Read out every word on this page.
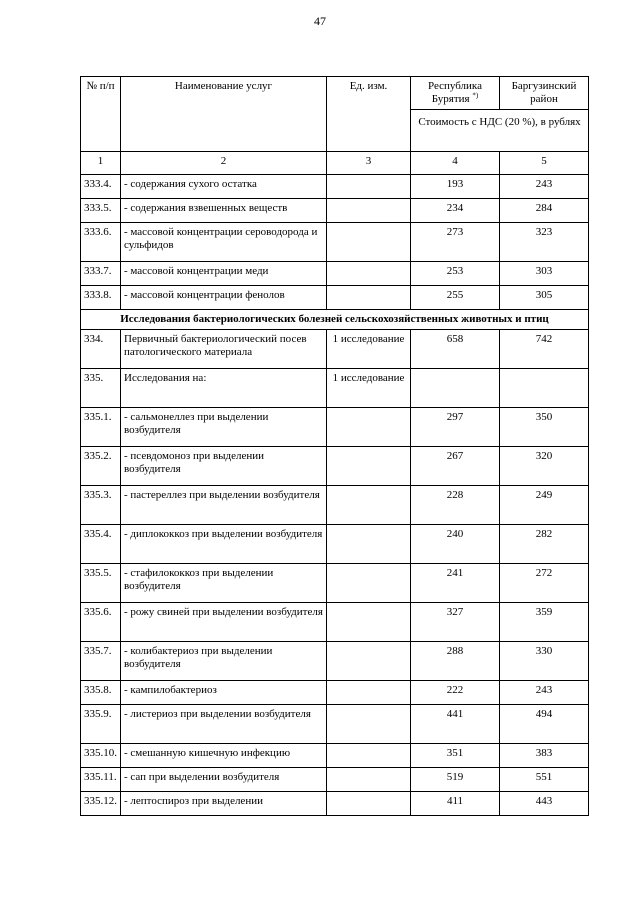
47
№ п/п	Наименование услуг	Ед. изм.	Республика Бурятия *)	Баргузинский район
			Стоимость с НДС (20 %), в рублях	
1	2	3	4	5
333.4.	- содержания сухого остатка		193	243
333.5.	- содержания взвешенных веществ		234	284
333.6.	- массовой концентрации сероводорода и сульфидов		273	323
333.7.	- массовой концентрации меди		253	303
333.8.	- массовой концентрации фенолов		255	305
Исследования бактериологических болезней сельскохозяйственных животных и птиц				
334.	Первичный бактериологический посев патологического материала	1 исследование	658	742
335.	Исследования на:	1 исследование		
335.1.	- сальмонеллез при выделении возбудителя		297	350
335.2.	- псевдомоноз при выделении возбудителя		267	320
335.3.	- пастереллез при выделении возбудителя		228	249
335.4.	- диплококкоз при выделении возбудителя		240	282
335.5.	- стафилококкоз при выделении возбудителя		241	272
335.6.	- рожу свиней при выделении возбудителя		327	359
335.7.	- колибактериоз при выделении возбудителя		288	330
335.8.	- кампилобактериоз		222	243
335.9.	- листериоз при выделении возбудителя		441	494
335.10.	- смешанную кишечную инфекцию		351	383
335.11.	- сап при выделении возбудителя		519	551
335.12.	- лептоспироз при выделении		411	443
